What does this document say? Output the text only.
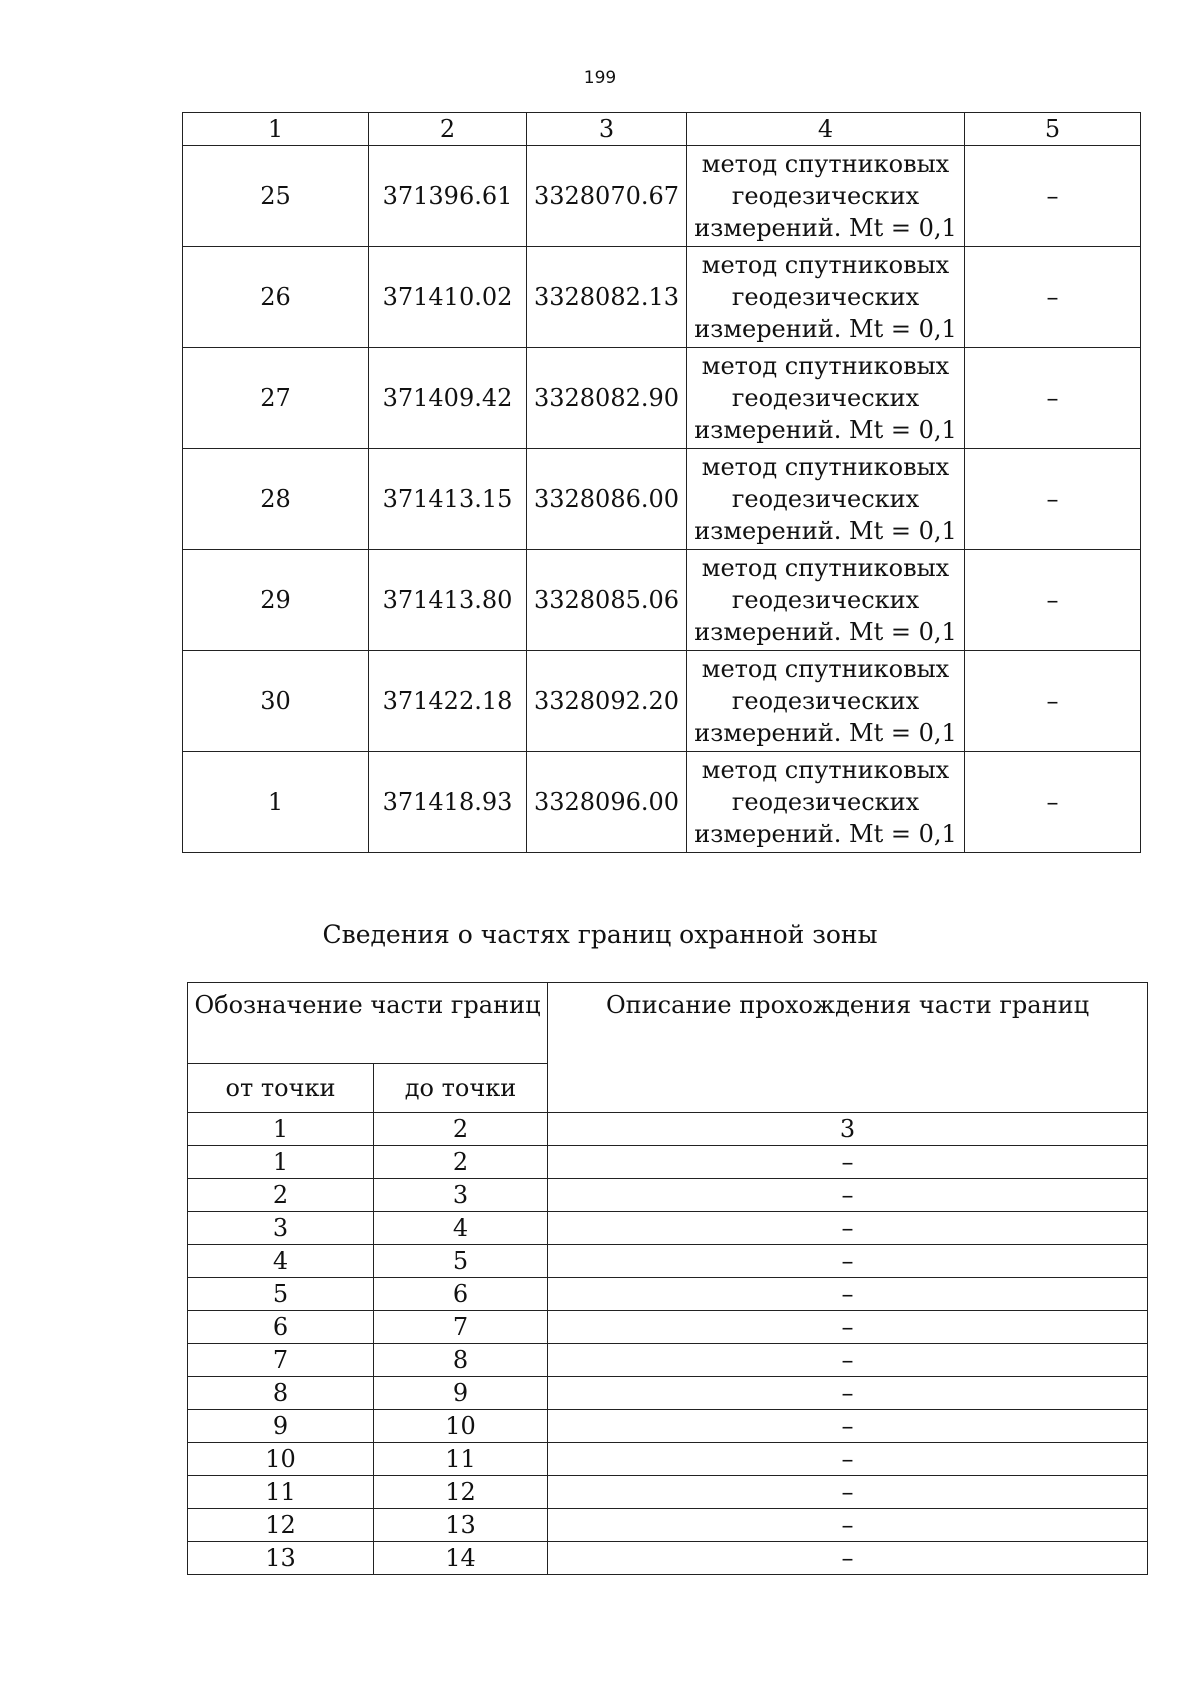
199
1	2	3	4	5
25	371396.61	3328070.67	метод спутниковых
геодезических
измерений. Mt = 0,1	–
26	371410.02	3328082.13	метод спутниковых
геодезических
измерений. Mt = 0,1	–
27	371409.42	3328082.90	метод спутниковых
геодезических
измерений. Mt = 0,1	–
28	371413.15	3328086.00	метод спутниковых
геодезических
измерений. Mt = 0,1	–
29	371413.80	3328085.06	метод спутниковых
геодезических
измерений. Mt = 0,1	–
30	371422.18	3328092.20	метод спутниковых
геодезических
измерений. Mt = 0,1	–
1	371418.93	3328096.00	метод спутниковых
геодезических
измерений. Mt = 0,1	–
Сведения о частях границ охранной зоны
Обозначение части границ		Описание прохождения части границ
от точки	до точки	
1	2	3
1	2	–
2	3	–
3	4	–
4	5	–
5	6	–
6	7	–
7	8	–
8	9	–
9	10	–
10	11	–
11	12	–
12	13	–
13	14	–
